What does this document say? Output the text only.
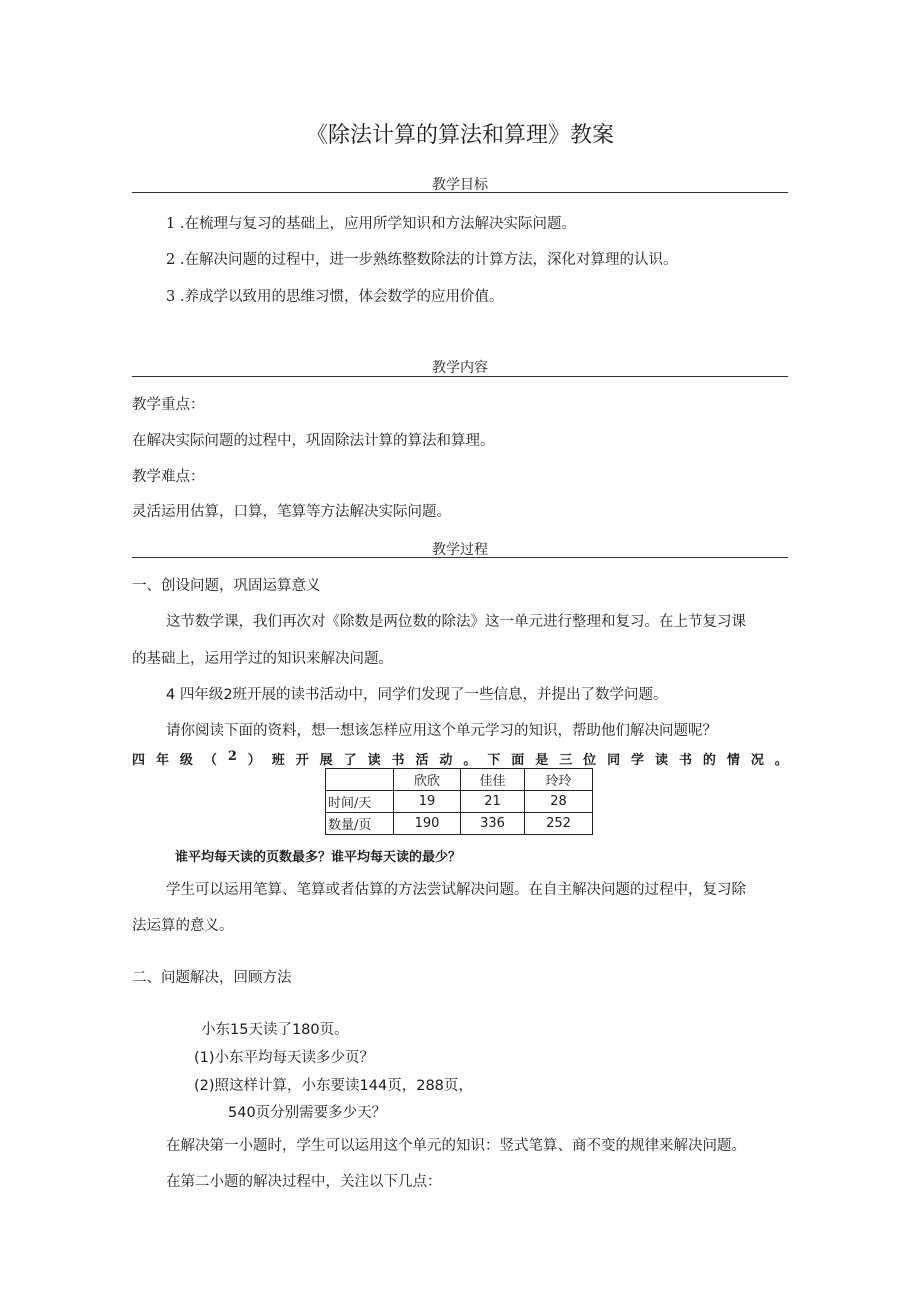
《除法计算的算法和算理》教案
教学目标
1 .在梳理与复习的基础上，应用所学知识和方法解决实际问题。
2 .在解决问题的过程中，进一步熟练整数除法的计算方法，深化对算理的认识。
3 .养成学以致用的思维习惯，体会数学的应用价值。
教学内容
教学重点：
在解决实际问题的过程中，巩固除法计算的算法和算理。
教学难点：
灵活运用估算，口算，笔算等方法解决实际问题。
教学过程
一、创设问题，巩固运算意义
这节数学课，我们再次对《除数是两位数的除法》这一单元进行整理和复习。在上节复习课
的基础上，运用学过的知识来解决问题。
4 四年级2班开展的读书活动中，同学们发现了一些信息，并提出了数学问题。
请你阅读下面的资料，想一想该怎样应用这个单元学习的知识，帮助他们解决问题呢？
四 年 级 （ 2 ） 班 开 展 了 读 书 活 动 。 下 面 是 三 位 同 学 读 书 的 情 况 。
	欣欣	佳佳	玲玲
时间/天	19	21	28
数量/页	190	336	252
谁平均每天读的页数最多？谁平均每天读的最少？
学生可以运用笔算、笔算或者估算的方法尝试解决问题。在自主解决问题的过程中，复习除
法运算的意义。
二、问题解决，回顾方法
小东15天读了180页。
(1)小东平均每天读多少页？
(2)照这样计算，小东要读144页，288页，
540页分别需要多少天？
在解决第一小题时，学生可以运用这个单元的知识：竖式笔算、商不变的规律来解决问题。
在第二小题的解决过程中，关注以下几点：
